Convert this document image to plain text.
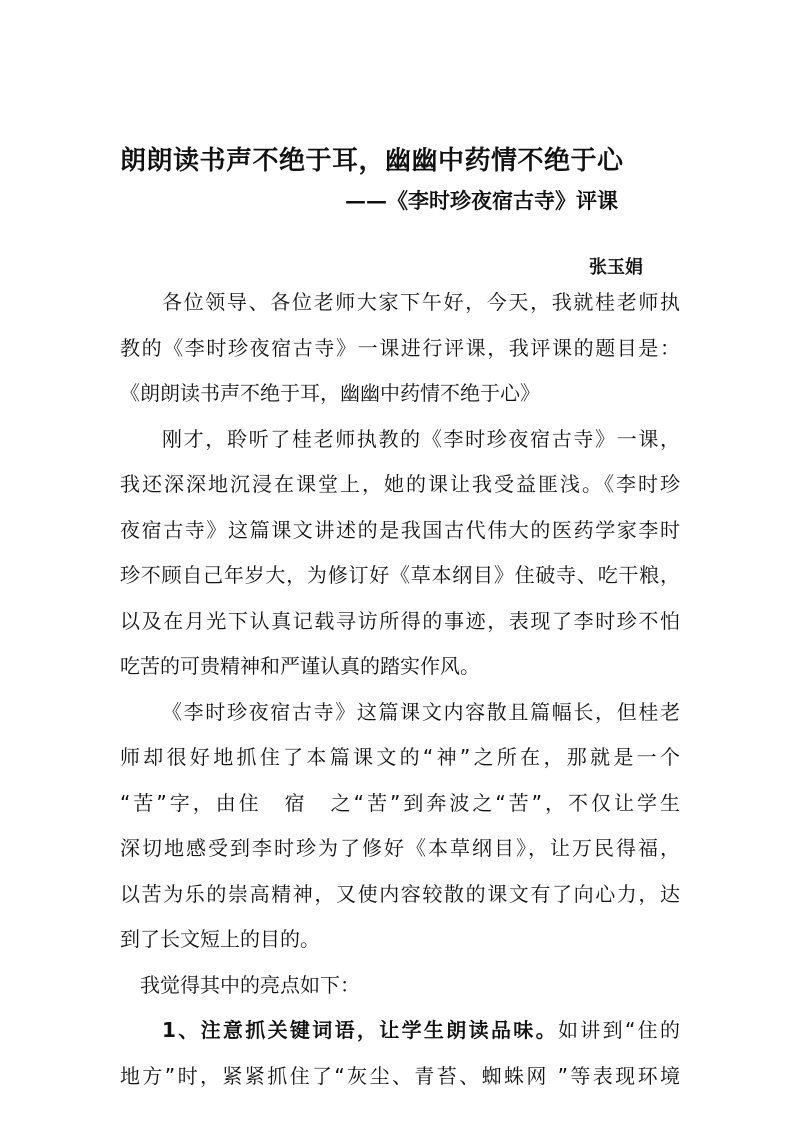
朗朗读书声不绝于耳，幽幽中药情不绝于心
——《李时珍夜宿古寺》评课

张玉娟

各位领导、各位老师大家下午好，今天，我就桂老师执
教的《李时珍夜宿古寺》一课进行评课，我评课的题目是：
《朗朗读书声不绝于耳，幽幽中药情不绝于心》
刚才，聆听了桂老师执教的《李时珍夜宿古寺》一课，
我还深深地沉浸在课堂上，她的课让我受益匪浅。《李时珍
夜宿古寺》这篇课文讲述的是我国古代伟大的医药学家李时
珍不顾自己年岁大，为修订好《草本纲目》住破寺、吃干粮，
以及在月光下认真记载寻访所得的事迹，表现了李时珍不怕
吃苦的可贵精神和严谨认真的踏实作风。
《李时珍夜宿古寺》这篇课文内容散且篇幅长，但桂老
师却很好地抓住了本篇课文的“神”之所在，那就是一个
“苦”字，由住　宿　之“苦”到奔波之“苦”，不仅让学生
深切地感受到李时珍为了修好《本草纲目》，让万民得福，
以苦为乐的崇高精神，又使内容较散的课文有了向心力，达
到了长文短上的目的。
我觉得其中的亮点如下：
1、注意抓关键词语，让学生朗读品味。如讲到“住的
地方”时，紧紧抓住了“灰尘、青苔、蜘蛛网 ”等表现环境
